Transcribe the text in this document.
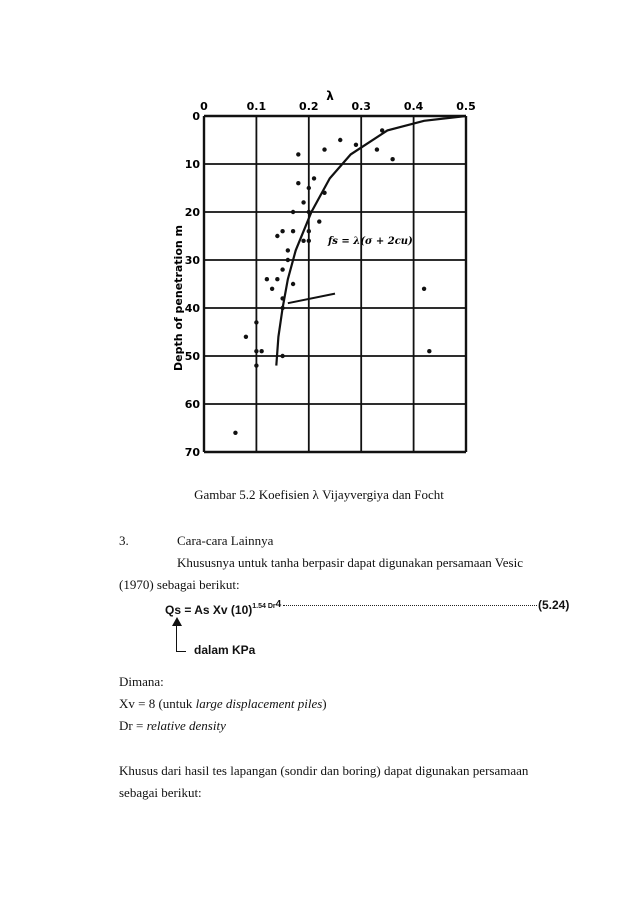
0	0.1	0.2	0.3	0.4	0.5
0
10
20
30
40
50
60
70
λ
Depth of penetration m	fs = λ(σ + 2cu)
Gambar 5.2 Koefisien λ Vijayvergiya dan Focht
3.	Cara-cara Lainnya
Khususnya untuk tanha berpasir dapat digunakan persamaan Vesic
(1970) sebagai berikut:
Qs = As Xv $(10)^{1.54 Dr4}$	(5.24)
dalam KPa
Dimana:
Xv = 8 (untuk large displacement piles)
Dr = relative density
Khusus dari hasil tes lapangan (sondir dan boring) dapat digunakan persamaan
sebagai berikut:
